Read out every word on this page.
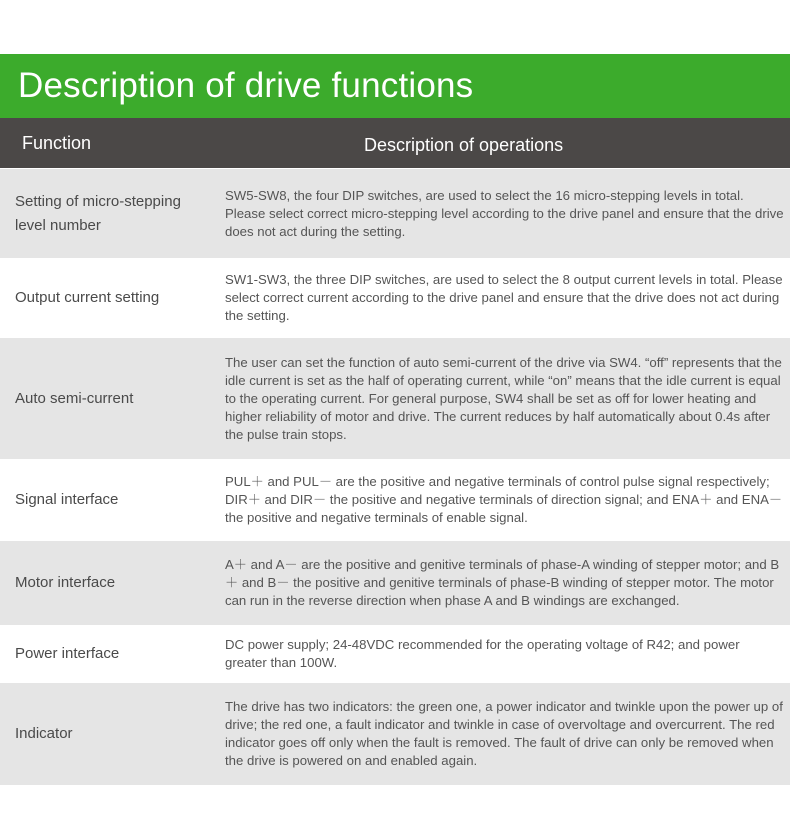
Description of drive functions
Function	Description of operations
Setting of micro-stepping level number
SW5-SW8, the four DIP switches, are used to select the 16 micro-stepping levels in total. Please select correct micro-stepping level according to the drive panel and ensure that the drive does not act during the setting.
Output current setting
SW1-SW3, the three DIP switches, are used to select the 8 output current levels in total. Please select correct current according to the drive panel and ensure that the drive does not act during the setting.
Auto semi-current
The user can set the function of auto semi-current of the drive via SW4. “off” represents that the idle current is set as the half of operating current, while “on” means that the idle current is equal to the operating current. For general purpose, SW4 shall be set as off for lower heating and higher reliability of motor and drive. The current reduces by half automatically about 0.4s after the pulse train stops.
Signal interface
PUL＋ and PUL－ are the positive and negative terminals of control pulse signal respectively; DIR＋ and DIR－ the positive and negative terminals of direction signal; and ENA＋ and ENA－ the positive and negative terminals of enable signal.
Motor interface
A＋ and A－ are the positive and genitive terminals of phase-A winding of stepper motor; and B＋ and B－ the positive and genitive terminals of phase-B winding of stepper motor. The motor can run in the reverse direction when phase A and B windings are exchanged.
Power interface
DC power supply; 24-48VDC recommended for the operating voltage of R42; and power greater than 100W.
Indicator
The drive has two indicators: the green one, a power indicator and twinkle upon the power up of drive; the red one, a fault indicator and twinkle in case of overvoltage and overcurrent. The red indicator goes off only when the fault is removed. The fault of drive can only be removed when the drive is powered on and enabled again.
